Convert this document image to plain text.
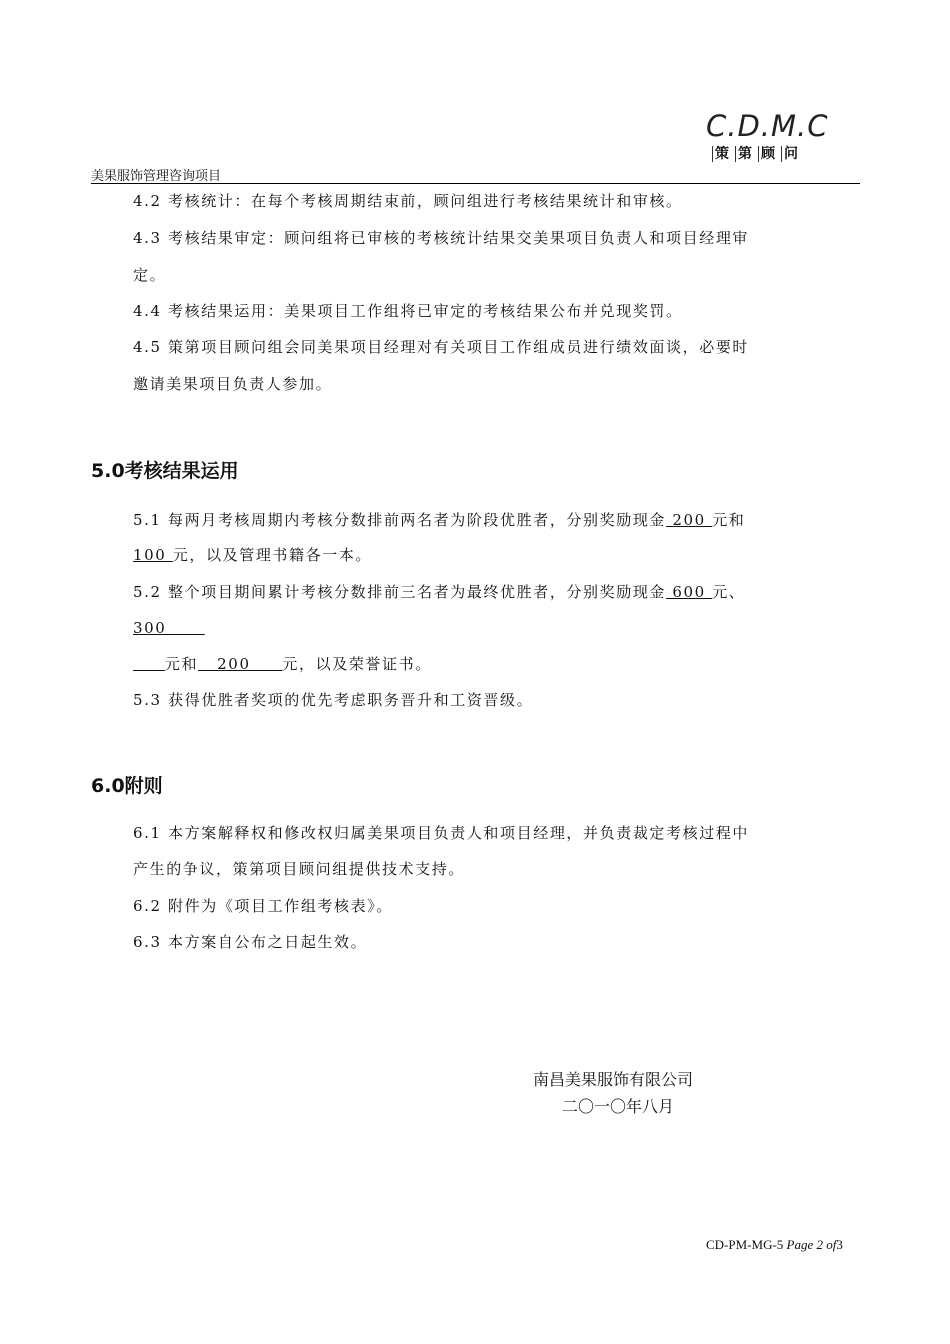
C.D.M.C
策 第 顾 问
美果服饰管理咨询项目
4.2 考核统计：在每个考核周期结束前，顾问组进行考核结果统计和审核。
4.3 考核结果审定：顾问组将已审核的考核统计结果交美果项目负责人和项目经理审
定。
4.4 考核结果运用：美果项目工作组将已审定的考核结果公布并兑现奖罚。
4.5 策第项目顾问组会同美果项目经理对有关项目工作组成员进行绩效面谈，必要时
邀请美果项目负责人参加。
5.0考核结果运用
5.1 每两月考核周期内考核分数排前两名者为阶段优胜者，分别奖励现金 200 元和
100 元，以及管理书籍各一本。
5.2 整个项目期间累计考核分数排前三名者为最终优胜者，分别奖励现金 600 元、
300
元和   200     元，以及荣誉证书。
5.3 获得优胜者奖项的优先考虑职务晋升和工资晋级。
6.0附则
6.1 本方案解释权和修改权归属美果项目负责人和项目经理，并负责裁定考核过程中
产生的争议，策第项目顾问组提供技术支持。
6.2 附件为《项目工作组考核表》。
6.3 本方案自公布之日起生效。
南昌美果服饰有限公司
二〇一〇年八月
CD-PM-MG-5 Page 2 of3
